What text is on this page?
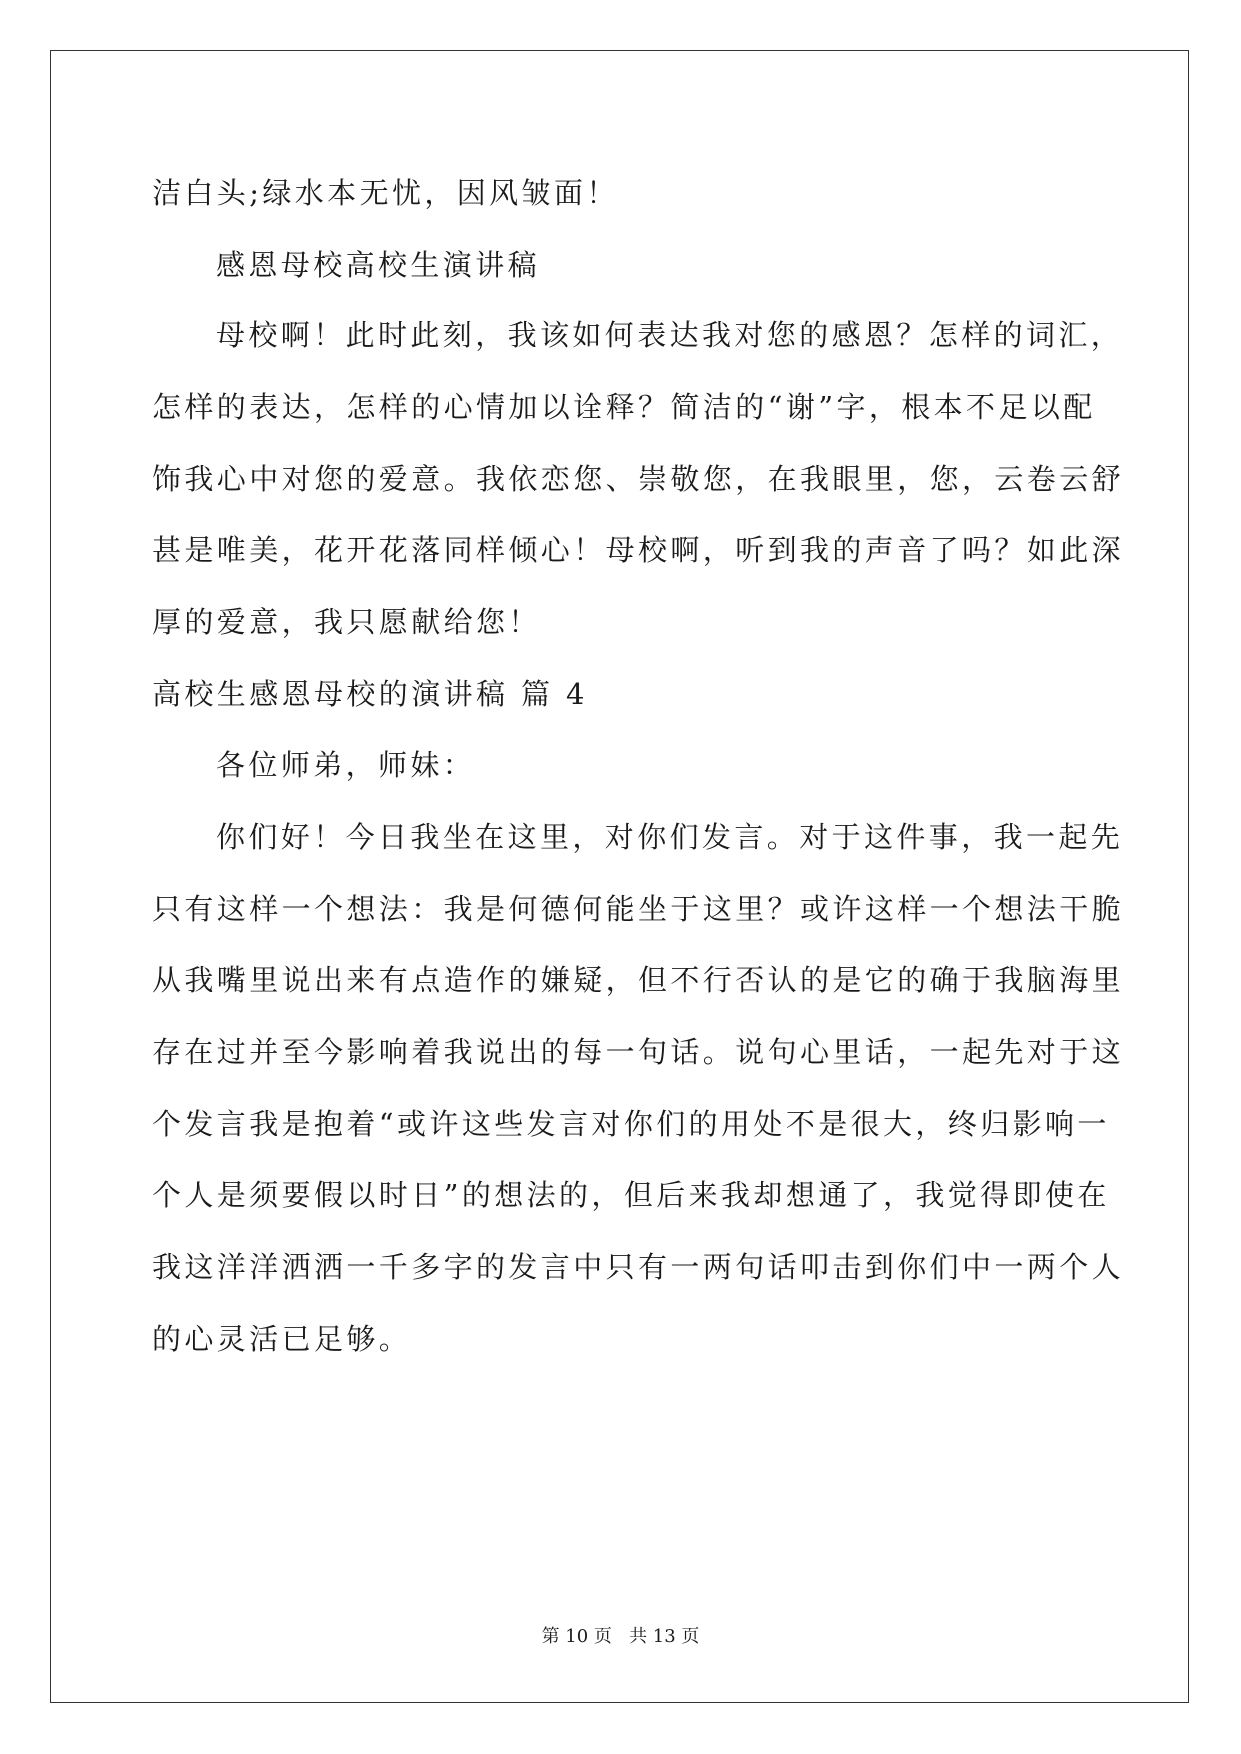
洁白头;绿水本无忧，因风皱面！
感恩母校高校生演讲稿
母校啊！此时此刻，我该如何表达我对您的感恩？怎样的词汇，
怎样的表达，怎样的心情加以诠释？简洁的“谢”字，根本不足以配
饰我心中对您的爱意。我依恋您、崇敬您，在我眼里，您，云卷云舒
甚是唯美，花开花落同样倾心！母校啊，听到我的声音了吗？如此深
厚的爱意，我只愿献给您！
高校生感恩母校的演讲稿 篇 4
各位师弟，师妹：
你们好！今日我坐在这里，对你们发言。对于这件事，我一起先
只有这样一个想法：我是何德何能坐于这里？或许这样一个想法干脆
从我嘴里说出来有点造作的嫌疑，但不行否认的是它的确于我脑海里
存在过并至今影响着我说出的每一句话。说句心里话，一起先对于这
个发言我是抱着“或许这些发言对你们的用处不是很大，终归影响一
个人是须要假以时日”的想法的，但后来我却想通了，我觉得即使在
我这洋洋洒洒一千多字的发言中只有一两句话叩击到你们中一两个人
的心灵活已足够。
第 10 页   共 13 页
